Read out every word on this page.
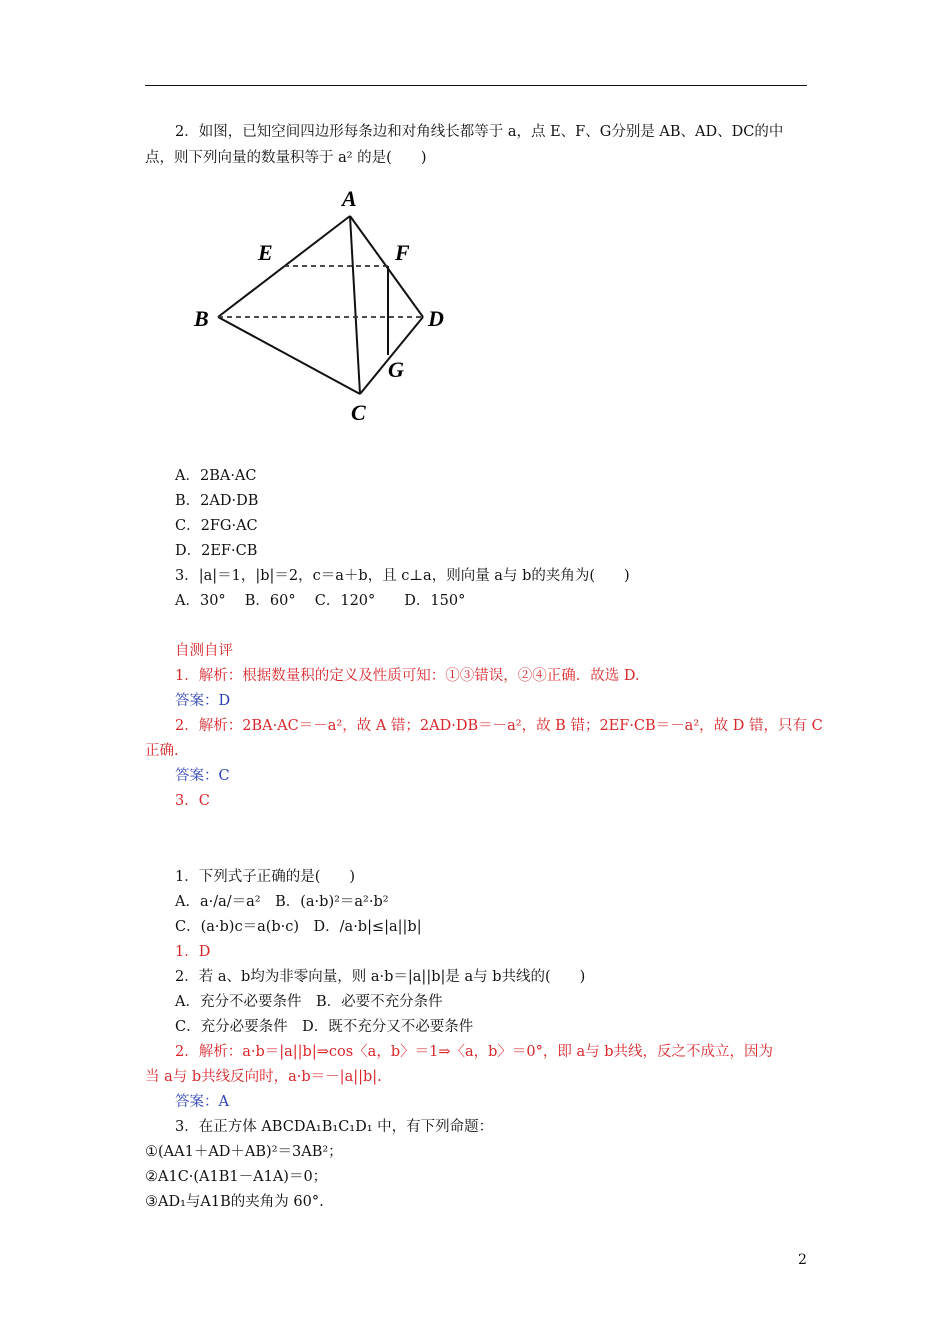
2．如图，已知空间四边形每条边和对角线长都等于 a，点 E、F、G分别是 AB、AD、DC的中
点，则下列向量的数量积等于 a² 的是(　　)
A
E	F
B	D
G
C
A．2BA·AC
B．2AD·DB
C．2FG·AC
D．2EF·CB
3．|a|＝1，|b|＝2，c＝a＋b，且 c⊥a，则向量 a与 b的夹角为(　　)
A．30°　 B．60°　 C．120°　　D．150°
自测自评
1．解析：根据数量积的定义及性质可知：①③错误，②④正确．故选 D.
答案：D
2．解析：2BA·AC＝－a²，故 A 错；2AD·DB＝－a²，故 B 错；2EF·CB＝－a²，故 D 错，只有 C
正确.
答案：C
3．C
1．下列式子正确的是(　　)
A．a·/a/＝a²　B．(a·b)²＝a²·b²
C．(a·b)c＝a(b·c)　D．/a·b|≤|a||b|
1．D
2．若 a、b均为非零向量，则 a·b＝|a||b|是 a与 b共线的(　　)
A．充分不必要条件　B．必要不充分条件
C．充分必要条件　D．既不充分又不必要条件
2．解析：a·b＝|a||b|⇒cos〈a，b〉＝1⇒〈a，b〉＝0°，即 a与 b共线，反之不成立，因为
当 a与 b共线反向时，a·b＝－|a||b|.
答案：A
3．在正方体 ABCDA₁B₁C₁D₁ 中，有下列命题：
①(AA1＋AD＋AB)²＝3AB²；
②A1C·(A1B1－A1A)＝0；
③AD₁与A1B的夹角为 60°.
2
